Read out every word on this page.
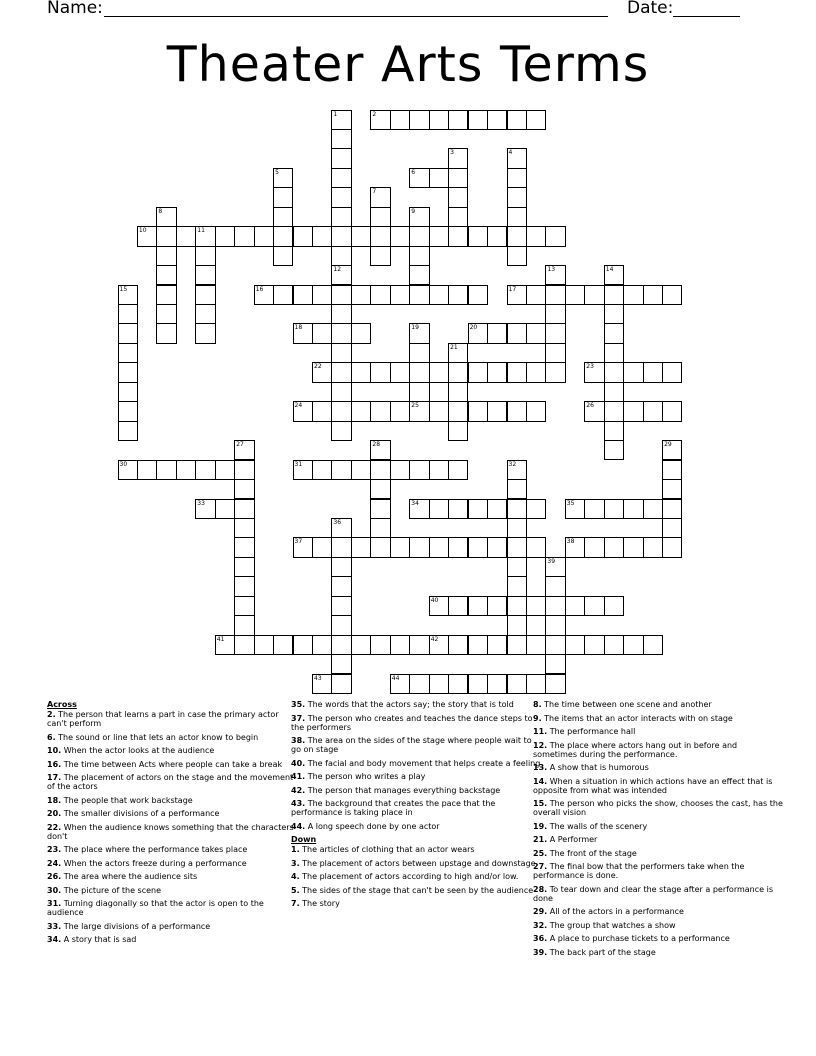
Name:	Date:
Theater Arts Terms
2
1
12
3	4
5	6
7
8	9
10	11
13	14
15	16	17
18	19
25
20
21
22	23
24	26
27	28	29
30	31	32
33	34	35
36
37	38
39
40
41	42
43	44
Across
2. The person that learns a part in case the primary actor can't perform
6. The sound or line that lets an actor know to begin
10. When the actor looks at the audience
16. The time between Acts where people can take a break
17. The placement of actors on the stage and the movement of the actors
18. The people that work backstage
20. The smaller divisions of a performance
22. When the audience knows something that the characters don't
23. The place where the performance takes place
24. When the actors freeze during a performance
26. The area where the audience sits
30. The picture of the scene
31. Turning diagonally so that the actor is open to the audience
33. The large divisions of a performance
34. A story that is sad
35. The words that the actors say; the story that is told
37. The person who creates and teaches the dance steps to the performers
38. The area on the sides of the stage where people wait to go on stage
40. The facial and body movement that helps create a feeling
41. The person who writes a play
42. The person that manages everything backstage
43. The background that creates the pace that the performance is taking place in
44. A long speech done by one actor
Down
1. The articles of clothing that an actor wears
3. The placement of actors between upstage and downstage
4. The placement of actors according to high and/or low.
5. The sides of the stage that can't be seen by the audience
7. The story
8. The time between one scene and another
9. The items that an actor interacts with on stage
11. The performance hall
12. The place where actors hang out in before and sometimes during the performance.
13. A show that is humorous
14. When a situation in which actions have an effect that is opposite from what was intended
15. The person who picks the show, chooses the cast, has the overall vision
19. The walls of the scenery
21. A Performer
25. The front of the stage
27. The final bow that the performers take when the performance is done.
28. To tear down and clear the stage after a performance is done
29. All of the actors in a performance
32. The group that watches a show
36. A place to purchase tickets to a performance
39. The back part of the stage
